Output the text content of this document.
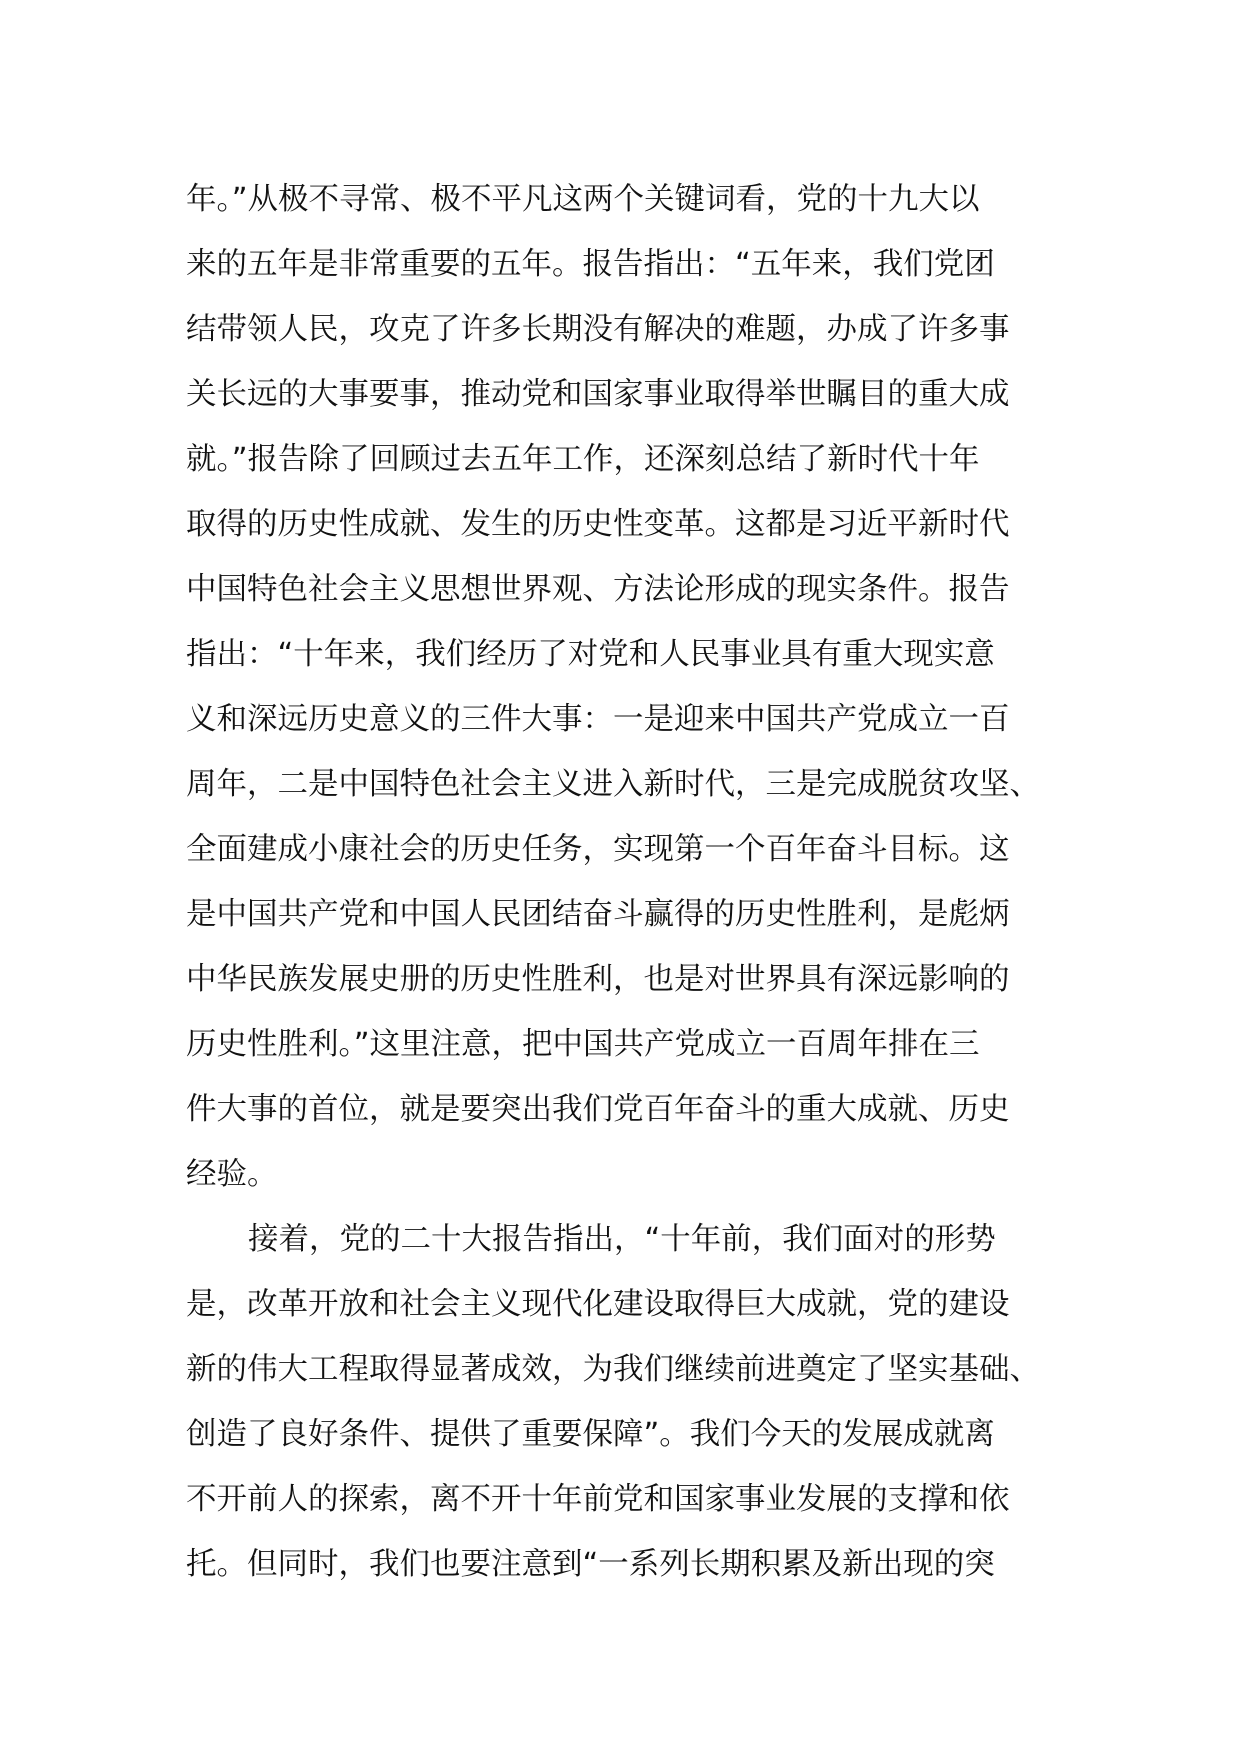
年。”从极不寻常、极不平凡这两个关键词看，党的十九大以
来的五年是非常重要的五年。报告指出：“五年来，我们党团
结带领人民，攻克了许多长期没有解决的难题，办成了许多事
关长远的大事要事，推动党和国家事业取得举世瞩目的重大成
就。”报告除了回顾过去五年工作，还深刻总结了新时代十年
取得的历史性成就、发生的历史性变革。这都是习近平新时代
中国特色社会主义思想世界观、方法论形成的现实条件。报告
指出：“十年来，我们经历了对党和人民事业具有重大现实意
义和深远历史意义的三件大事：一是迎来中国共产党成立一百
周年，二是中国特色社会主义进入新时代，三是完成脱贫攻坚、
全面建成小康社会的历史任务，实现第一个百年奋斗目标。这
是中国共产党和中国人民团结奋斗赢得的历史性胜利，是彪炳
中华民族发展史册的历史性胜利，也是对世界具有深远影响的
历史性胜利。”这里注意，把中国共产党成立一百周年排在三
件大事的首位，就是要突出我们党百年奋斗的重大成就、历史
经验。
接着，党的二十大报告指出，“十年前，我们面对的形势
是，改革开放和社会主义现代化建设取得巨大成就，党的建设
新的伟大工程取得显著成效，为我们继续前进奠定了坚实基础、
创造了良好条件、提供了重要保障”。我们今天的发展成就离
不开前人的探索，离不开十年前党和国家事业发展的支撑和依
托。但同时，我们也要注意到“一系列长期积累及新出现的突
